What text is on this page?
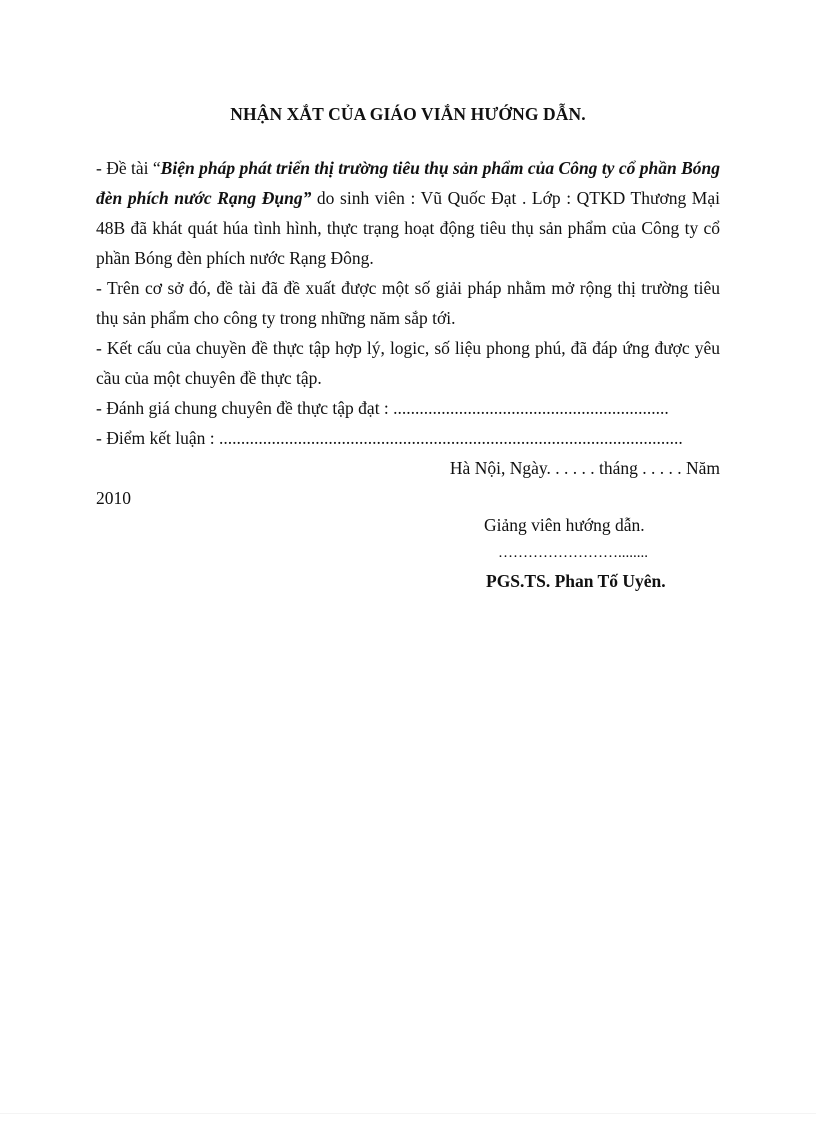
NHẬN XẮT CỦA GIÁO VIẮN HƯỚNG DẪN.

- Đề tài “Biện pháp phát triển thị trường tiêu thụ sản phẩm của Công ty cổ phần Bóng đèn phích nước Rạng Đụng” do sinh viên : Vũ Quốc Đạt . Lớp : QTKD Thương Mại 48B đã khát quát húa tình hình, thực trạng hoạt động tiêu thụ sản phẩm của Công ty cổ phần Bóng đèn phích nước Rạng Đông.

- Trên cơ sở đó, đề tài đã đề xuất được một số giải pháp nhằm mở rộng thị trường tiêu thụ sản phẩm cho công ty trong những năm sắp tới.

- Kết cấu của chuyền đề thực tập hợp lý, logic, số liệu phong phú, đã đáp ứng được yêu cầu của một chuyên đề thực tập.

- Đánh giá chung chuyên đề thực tập đạt : ...............................................................

- Điểm kết luận : ..........................................................................................................

Hà Nội, Ngày. . . . . . tháng . . . . . Năm

2010

Giảng viên hướng dẫn.

……………………........

PGS.TS. Phan Tố Uyên.
